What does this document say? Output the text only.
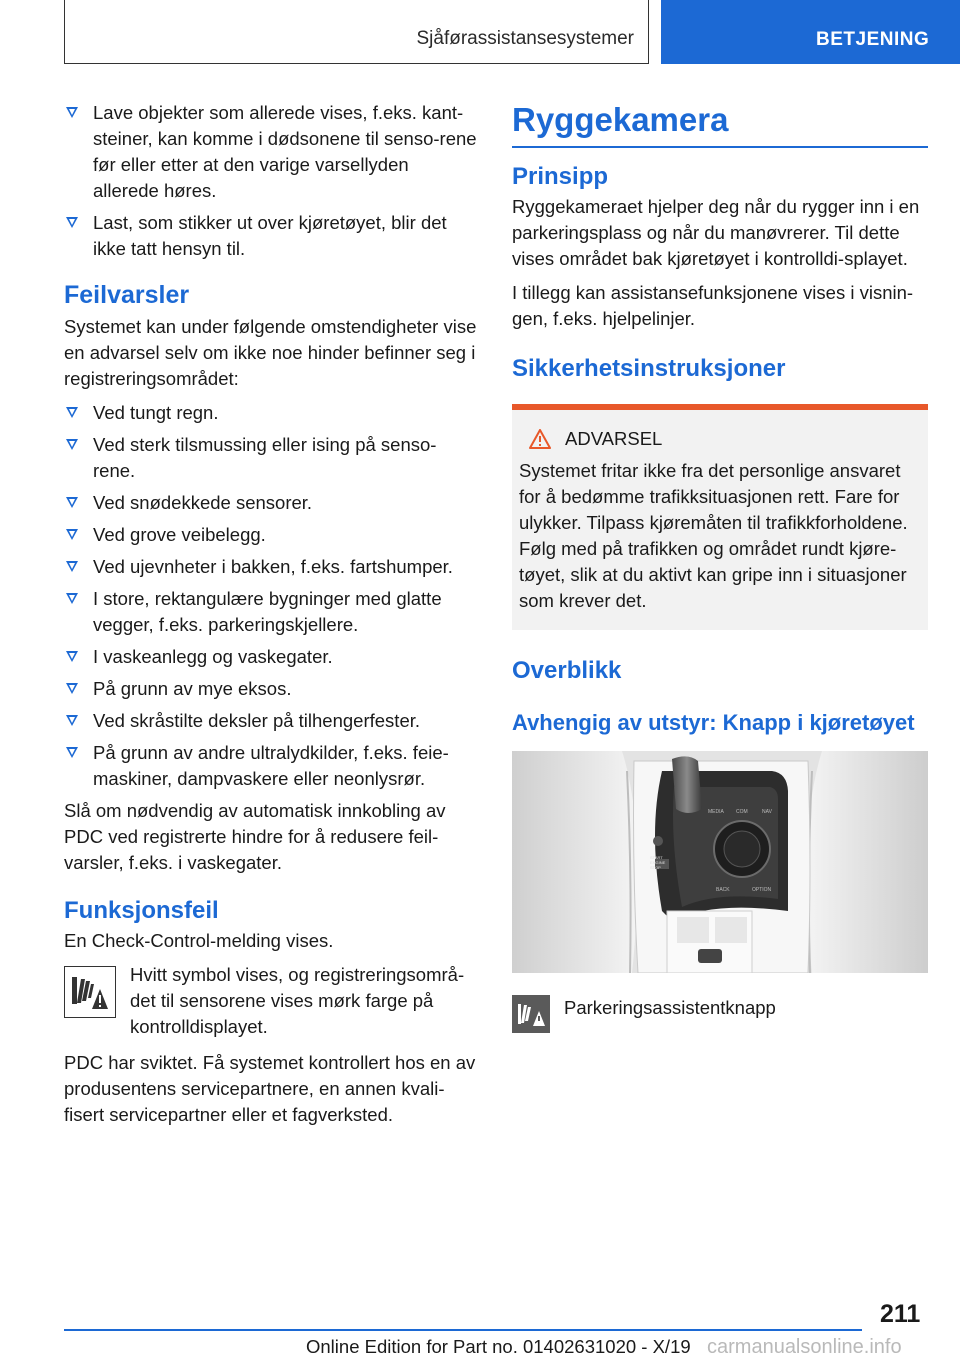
Sjåførassistansesystemer	BETJENING
Lave objekter som allerede vises, f.eks. kant-steiner, kan komme i dødsonene til senso-rene før eller etter at den varige varsellyden allerede høres.
Last, som stikker ut over kjøretøyet, blir det ikke tatt hensyn til.
Feilvarsler

Systemet kan under følgende omstendigheter vise en advarsel selv om ikke noe hinder befinner seg i registreringsområdet:

Ved tungt regn.
Ved sterk tilsmussing eller ising på senso-rene.
Ved snødekkede sensorer.
Ved grove veibelegg.
Ved ujevnheter i bakken, f.eks. fartshumper.
I store, rektangulære bygninger med glatte vegger, f.eks. parkeringskjellere.
I vaskeanlegg og vaskegater.
På grunn av mye eksos.
Ved skråstilte deksler på tilhengerfester.
På grunn av andre ultralydkilder, f.eks. feie-maskiner, dampvaskere eller neonlysrør.

Slå om nødvendig av automatisk innkobling av PDC ved registrerte hindre for å redusere feil-varsler, f.eks. i vaskegater.

Funksjonsfeil

En Check-Control-melding vises.

Hvitt symbol vises, og registreringsområ-det til sensorene vises mørk farge på kontrolldisplayet.

PDC har sviktet. Få systemet kontrollert hos en av produsentens servicepartnere, en annen kvali-fisert servicepartner eller et fagverksted.

Ryggekamera
Prinsipp

Ryggekameraet hjelper deg når du rygger inn i en parkeringsplass og når du manøvrerer. Til dette vises området bak kjøretøyet i kontrolldi-splayet.

I tillegg kan assistansefunksjonene vises i visnin-gen, f.eks. hjelpelinjer.

Sikkerhetsinstruksjoner
ADVARSEL

Systemet fritar ikke fra det personlige ansvaret for å bedømme trafikksituasjonen rett. Fare for ulykker. Tilpass kjøremåten til trafikkforholdene. Følg med på trafikken og området rundt kjøre-tøyet, slik at du aktivt kan gripe inn i situasjoner som krever det.

Overblikk
Avhengig av utstyr: Knapp i kjøretøyet
MEDIA COM	NAV
BACK	OPTION
START ENGINE STOP

Parkeringsassistentknapp

211
Online Edition for Part no. 01402631020 - X/19 carmanualsonline.info
